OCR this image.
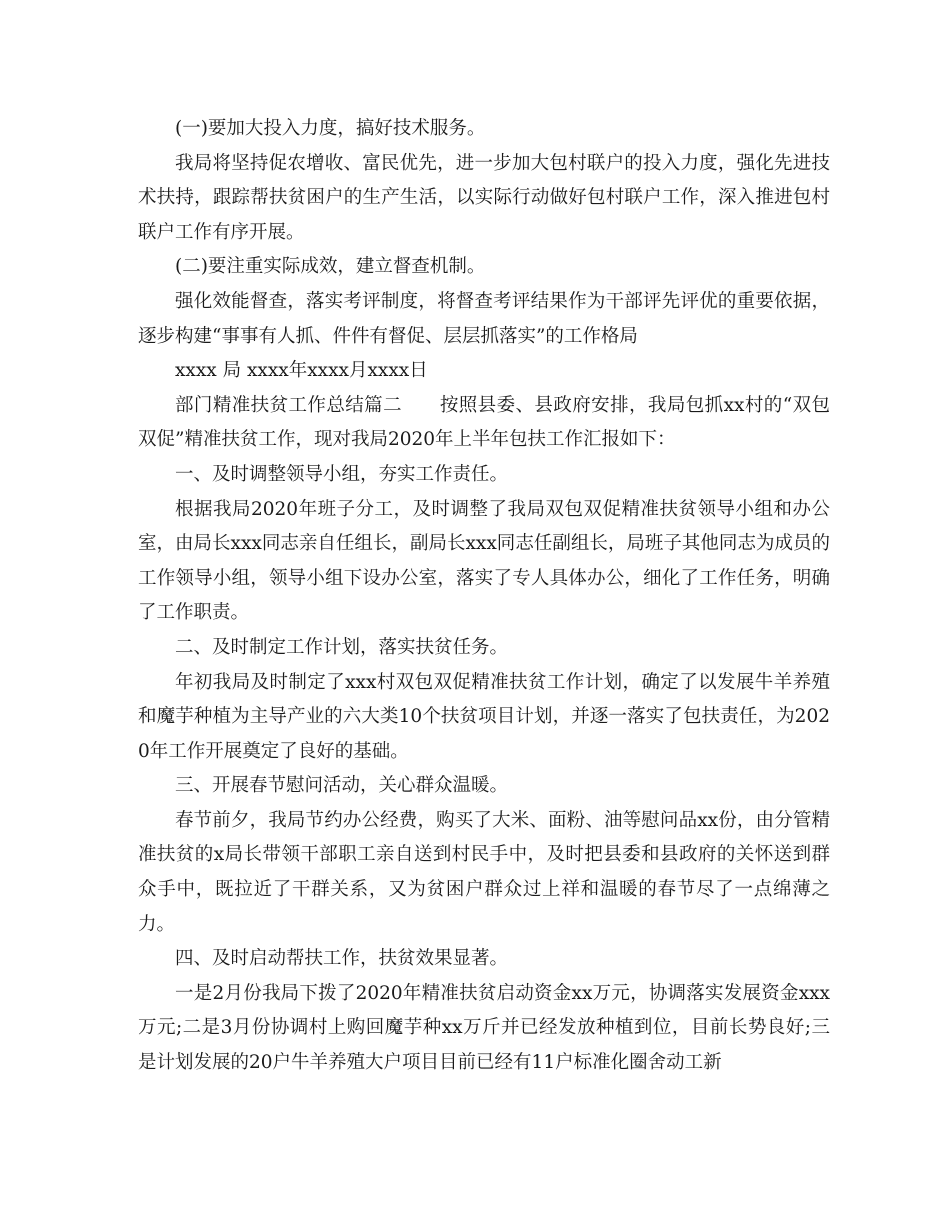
(一)要加大投入力度，搞好技术服务。

我局将坚持促农增收、富民优先，进一步加大包村联户的投入力度，强化先进技术扶持，跟踪帮扶贫困户的生产生活，以实际行动做好包村联户工作，深入推进包村联户工作有序开展。

(二)要注重实际成效，建立督查机制。

强化效能督查，落实考评制度，将督查考评结果作为干部评先评优的重要依据，逐步构建“事事有人抓、件件有督促、层层抓落实”的工作格局

xxxx 局 xxxx年xxxx月xxxx日

部门精准扶贫工作总结篇二　　按照县委、县政府安排，我局包抓xx村的“双包双促”精准扶贫工作，现对我局2020年上半年包扶工作汇报如下：

一、及时调整领导小组，夯实工作责任。

根据我局2020年班子分工，及时调整了我局双包双促精准扶贫领导小组和办公室，由局长xxx同志亲自任组长，副局长xxx同志任副组长，局班子其他同志为成员的工作领导小组，领导小组下设办公室，落实了专人具体办公，细化了工作任务，明确了工作职责。

二、及时制定工作计划，落实扶贫任务。

年初我局及时制定了xxx村双包双促精准扶贫工作计划，确定了以发展牛羊养殖和魔芋种植为主导产业的六大类10个扶贫项目计划，并逐一落实了包扶责任，为2020年工作开展奠定了良好的基础。

三、开展春节慰问活动，关心群众温暖。

春节前夕，我局节约办公经费，购买了大米、面粉、油等慰问品xx份，由分管精准扶贫的x局长带领干部职工亲自送到村民手中，及时把县委和县政府的关怀送到群众手中，既拉近了干群关系，又为贫困户群众过上祥和温暖的春节尽了一点绵薄之力。

四、及时启动帮扶工作，扶贫效果显著。

一是2月份我局下拨了2020年精准扶贫启动资金xx万元，协调落实发展资金xxx万元;二是3月份协调村上购回魔芋种xx万斤并已经发放种植到位，目前长势良好;三是计划发展的20户牛羊养殖大户项目目前已经有11户标准化圈舍动工新
